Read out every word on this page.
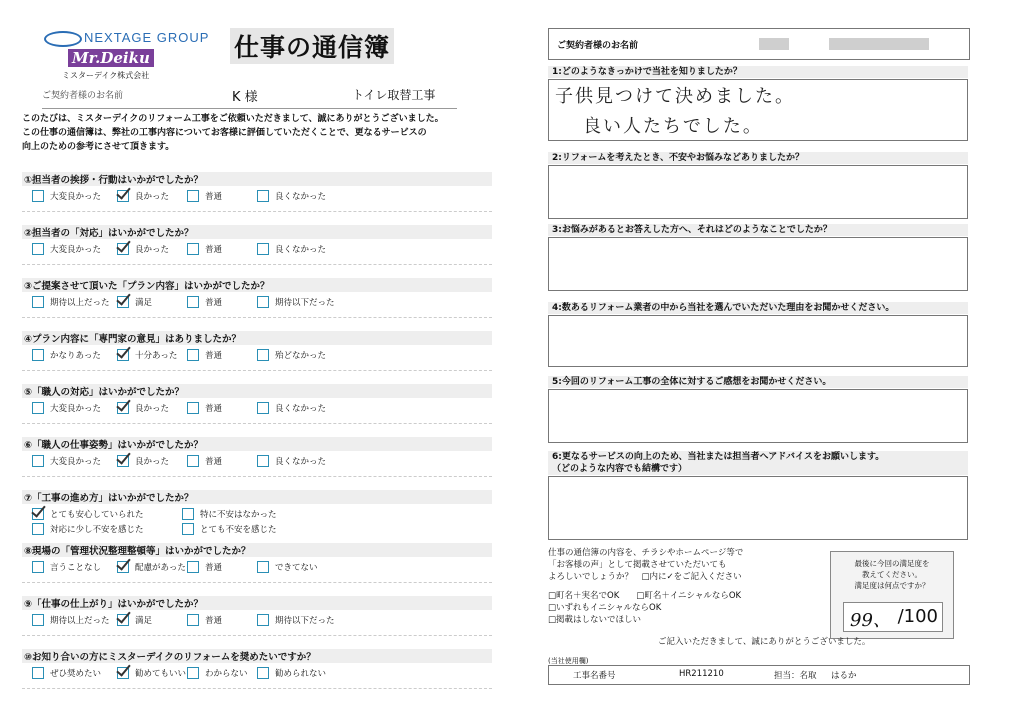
NEXTAGE GROUP
Mr.Deiku
ミスターデイク株式会社
仕事の通信簿
ご契約者様のお名前	K 様	トイレ取替工事
このたびは、ミスターデイクのリフォーム工事をご依頼いただきまして、誠にありがとうございました。
この仕事の通信簿は、弊社の工事内容についてお客様に評価していただくことで、更なるサービスの
向上のための参考にさせて頂きます。
①担当者の挨拶・行動はいかがでしたか？
大変良かった	良かった	普通	良くなかった
②担当者の「対応」はいかがでしたか？
大変良かった	良かった	普通	良くなかった
③ご提案させて頂いた「プラン内容」はいかがでしたか？
期待以上だった	満足	普通	期待以下だった
④プラン内容に「専門家の意見」はありましたか？
かなりあった	十分あった	普通	殆どなかった
⑤「職人の対応」はいかがでしたか？
大変良かった	良かった	普通	良くなかった
⑥「職人の仕事姿勢」はいかがでしたか？
大変良かった	良かった	普通	良くなかった
⑦「工事の進め方」はいかがでしたか？
とても安心していられた	特に不安はなかった
対応に少し不安を感じた	とても不安を感じた
⑧現場の「管理状況整理整頓等」はいかがでしたか？
言うことなし	配慮があった 普通	できてない
⑨「仕事の仕上がり」はいかがでしたか？
期待以上だった	満足	普通	期待以下だった
⑩お知り合いの方にミスターデイクのリフォームを奨めたいですか？
ぜひ奨めたい	勧めてもいい わからない	勧められない
ご契約者様のお名前
1:どのようなきっかけで当社を知りましたか？
子供見つけて決めました。
良い人たちでした。
2:リフォームを考えたとき、不安やお悩みなどありましたか？
3:お悩みがあるとお答えした方へ、それはどのようなことでしたか？
4:数あるリフォーム業者の中から当社を選んでいただいた理由をお聞かせください。
5:今回のリフォーム工事の全体に対するご感想をお聞かせください。
6:更なるサービスの向上のため、当社または担当者へアドバイスをお願いします。
（どのような内容でも結構です）
仕事の通信簿の内容を、チラシやホームページ等で
「お客様の声」として掲載させていただいても
よろしいでしょうか？　□内に✓をご記入ください
□町名＋実名でOK　　□町名＋イニシャルならOK
□いずれもイニシャルならOK
□掲載はしないでほしい
最後に今回の満足度を
教えてください。
満足度は何点ですか？
99、 /100
ご記入いただきまして、誠にありがとうございました。
(当社使用欄)
工事名番号	HR211210	担当：名取 はるか
